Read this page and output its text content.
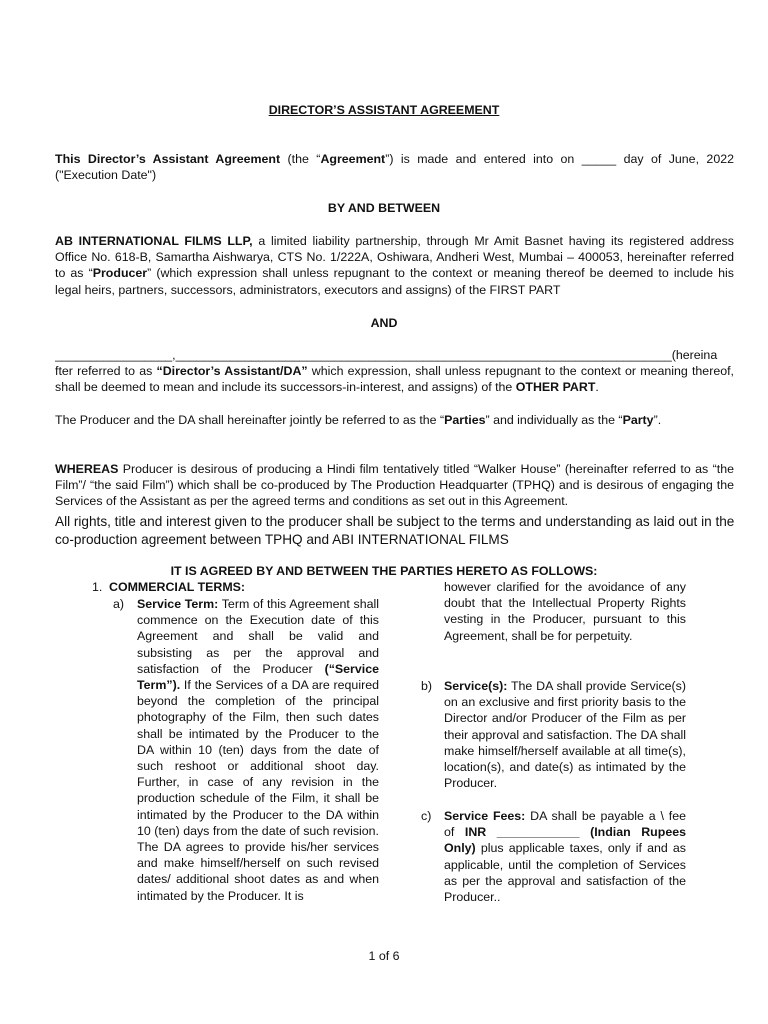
DIRECTOR’S ASSISTANT AGREEMENT
This Director’s Assistant Agreement (the “Agreement”) is made and entered into on _____ day of June, 2022 ("Execution Date")
BY AND BETWEEN
AB INTERNATIONAL FILMS LLP, a limited liability partnership, through Mr Amit Basnet having its registered address Office No. 618-B, Samartha Aishwarya, CTS No. 1/222A, Oshiwara, Andheri West, Mumbai – 400053, hereinafter referred to as “Producer” (which expression shall unless repugnant to the context or meaning thereof be deemed to include his legal heirs, partners, successors, administrators, executors and assigns) of the FIRST PART
AND
_________________,________________________________________________________________________(hereina
fter referred to as “Director’s Assistant/DA” which expression, shall unless repugnant to the context or meaning thereof, shall be deemed to mean and include its successors-in-interest, and assigns) of the OTHER PART.
The Producer and the DA shall hereinafter jointly be referred to as the “Parties” and individually as the “Party”.
WHEREAS Producer is desirous of producing a Hindi film tentatively titled “Walker House” (hereinafter referred to as “the Film”/ “the said Film”) which shall be co-produced by The Production Headquarter (TPHQ) and is desirous of engaging the Services of the Assistant as per the agreed terms and conditions as set out in this Agreement.
All rights, title and interest given to the producer shall be subject to the terms and understanding as laid out in the co-production agreement between TPHQ and ABI INTERNATIONAL FILMS
IT IS AGREED BY AND BETWEEN THE PARTIES HERETO AS FOLLOWS:
1. COMMERCIAL TERMS:
a) Service Term: Term of this Agreement shall commence on the Execution date of this Agreement and shall be valid and subsisting as per the approval and satisfaction of the Producer (“Service Term”). If the Services of a DA are required beyond the completion of the principal photography of the Film, then such dates shall be intimated by the Producer to the DA within 10 (ten) days from the date of such reshoot or additional shoot day. Further, in case of any revision in the production schedule of the Film, it shall be intimated by the Producer to the DA within 10 (ten) days from the date of such revision. The DA agrees to provide his/her services and make himself/herself on such revised dates/ additional shoot dates as and when intimated by the Producer. It is
however clarified for the avoidance of any doubt that the Intellectual Property Rights vesting in the Producer, pursuant to this Agreement, shall be for perpetuity.
b) Service(s): The DA shall provide Service(s) on an exclusive and first priority basis to the Director and/or Producer of the Film as per their approval and satisfaction. The DA shall make himself/herself available at all time(s), location(s), and date(s) as intimated by the Producer.
c) Service Fees: DA shall be payable a \ fee of INR ____________ (Indian Rupees Only) plus applicable taxes, only if and as applicable, until the completion of Services as per the approval and satisfaction of the Producer..
1 of 6
